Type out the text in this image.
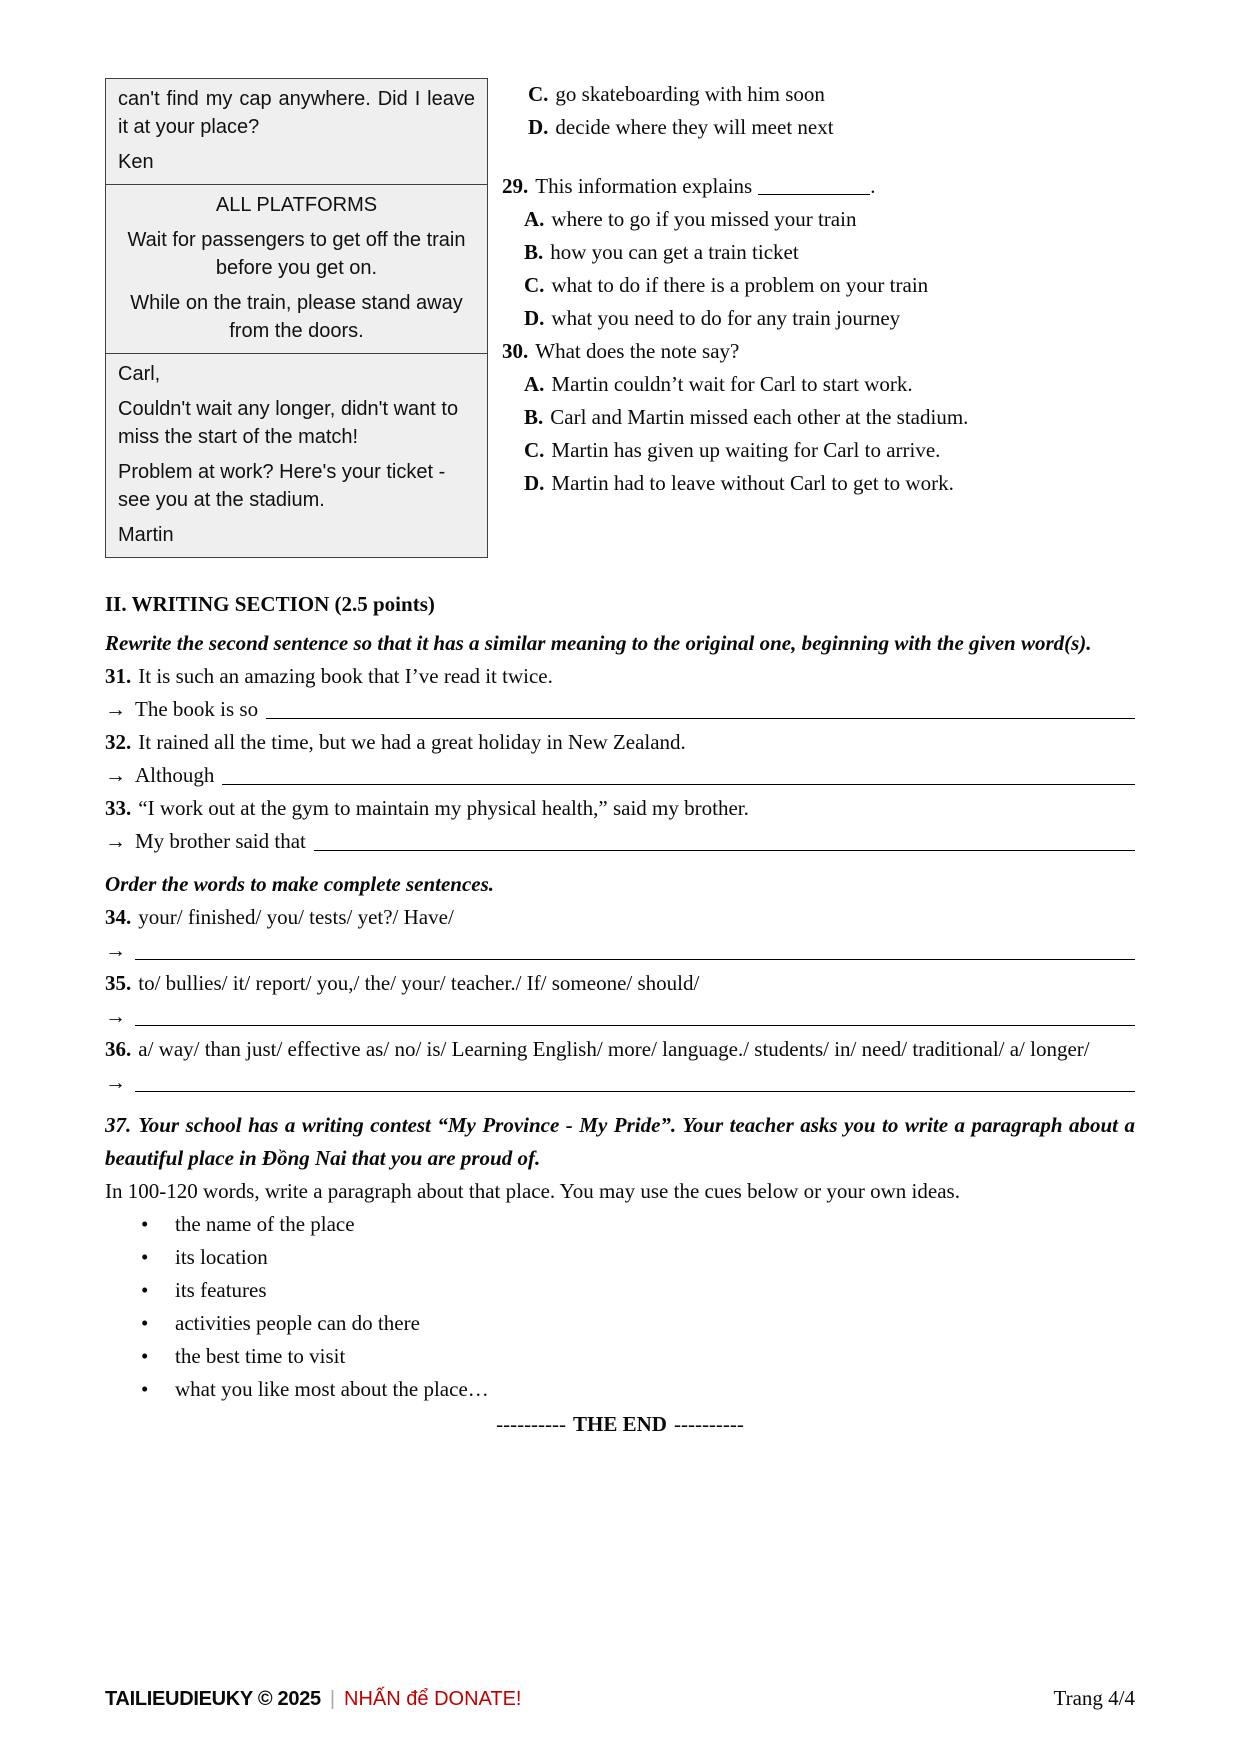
can't find my cap anywhere. Did I leave it at your place?
Ken
ALL PLATFORMS
Wait for passengers to get off the train before you get on.
While on the train, please stand away from the doors.
Carl,
Couldn't wait any longer, didn't want to miss the start of the match!
Problem at work? Here's your ticket - see you at the stadium.
Martin
C. go skateboarding with him soon
D. decide where they will meet next
29. This information explains	.
A. where to go if you missed your train
B. how you can get a train ticket
C. what to do if there is a problem on your train
D. what you need to do for any train journey
30. What does the note say?
A. Martin couldn’t wait for Carl to start work.
B. Carl and Martin missed each other at the stadium.
C. Martin has given up waiting for Carl to arrive.
D. Martin had to leave without Carl to get to work.
II. WRITING SECTION (2.5 points)
Rewrite the second sentence so that it has a similar meaning to the original one, beginning with the given word(s).
31. It is such an amazing book that I’ve read it twice.
→ The book is so
32. It rained all the time, but we had a great holiday in New Zealand.
→ Although
33. “I work out at the gym to maintain my physical health,” said my brother.
→ My brother said that
Order the words to make complete sentences.
34. your/ finished/ you/ tests/ yet?/ Have/
→
35. to/ bullies/ it/ report/ you,/ the/ your/ teacher./ If/ someone/ should/
→
36. a/ way/ than just/ effective as/ no/ is/ Learning English/ more/ language./ students/ in/ need/ traditional/ a/ longer/
→
37. Your school has a writing contest “My Province - My Pride”. Your teacher asks you to write a paragraph about a beautiful place in Đồng Nai that you are proud of.
In 100-120 words, write a paragraph about that place. You may use the cues below or your own ideas.
• the name of the place
• its location
• its features
• activities people can do there
• the best time to visit
• what you like most about the place…
---------- THE END ----------
TAILIEUDIEUKY © 2025 | NHẤN để DONATE!	Trang 4/4
